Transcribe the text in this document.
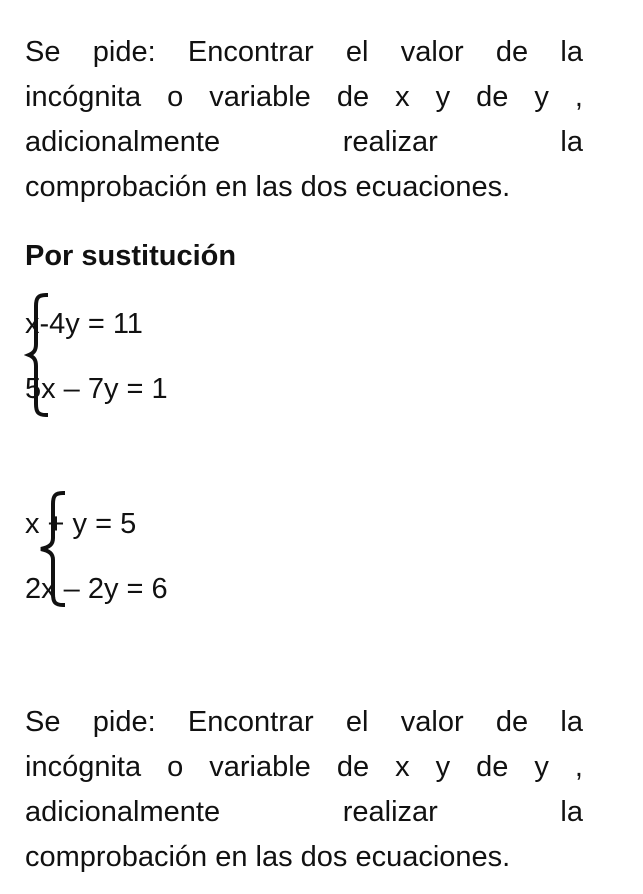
Se pide: Encontrar el valor de la
incógnita o variable de x y de y ,
adicionalmente realizar la
comprobación en las dos ecuaciones.
Por sustitución
x-4y = 11
5x – 7y = 1
x + y = 5
2x – 2y = 6
Se pide: Encontrar el valor de la
incógnita o variable de x y de y ,
adicionalmente realizar la
comprobación en las dos ecuaciones.
